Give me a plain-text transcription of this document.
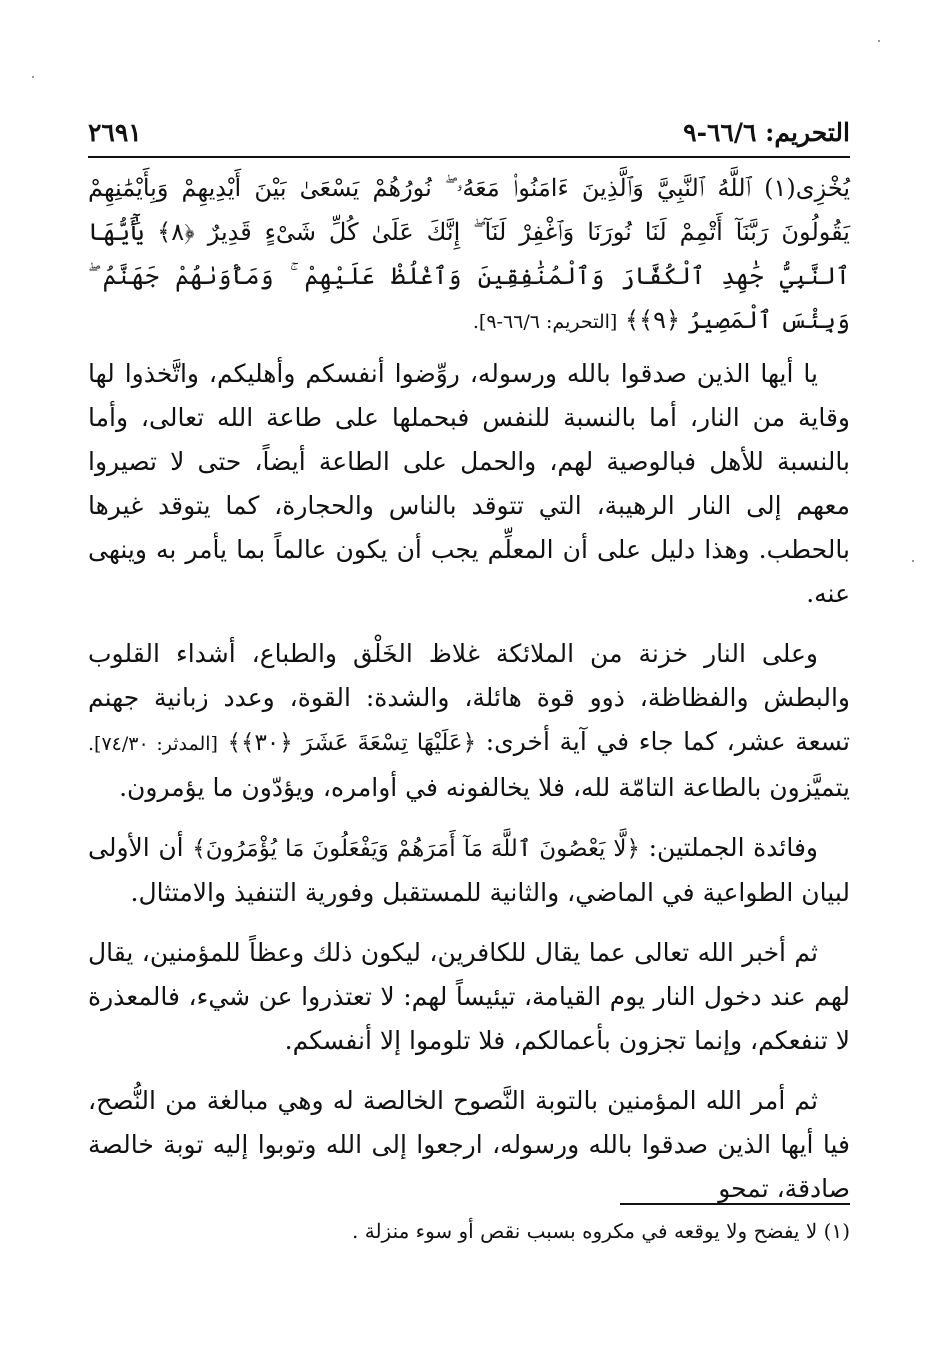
التحريم: ٦٦/٦-٩
٢٦٩١

يُخْزِى(١) ٱللَّهُ ٱلنَّبِيَّ وَٱلَّذِينَ ءَامَنُوا۟ مَعَهُۥ ۖ نُورُهُمْ يَسْعَىٰ بَيْنَ أَيْدِيهِمْ وَبِأَيْمَٰنِهِمْ يَقُولُونَ رَبَّنَآ أَتْمِمْ لَنَا نُورَنَا وَٱغْفِرْ لَنَآ ۖ إِنَّكَ عَلَىٰ كُلِّ شَىْءٍ قَدِيرٌ ﴿٨﴾ يَٰٓأَيُّهَا ٱلنَّبِيُّ جَٰهِدِ ٱلْكُفَّارَ وَٱلْمُنَٰفِقِينَ وَٱغْلُظْ عَلَيْهِمْ ۚ وَمَأْوَىٰهُمْ جَهَنَّمُ ۖ وَبِئْسَ ٱلْمَصِيرُ ﴿٩﴾﴾ [التحريم: ٦٦/٦-٩].

يا أيها الذين صدقوا بالله ورسوله، روِّضوا أنفسكم وأهليكم، واتَّخذوا لها وقاية من النار، أما بالنسبة للنفس فبحملها على طاعة الله تعالى، وأما بالنسبة للأهل فبالوصية لهم، والحمل على الطاعة أيضاً، حتى لا تصيروا معهم إلى النار الرهيبة، التي تتوقد بالناس والحجارة، كما يتوقد غيرها بالحطب. وهذا دليل على أن المعلِّم يجب أن يكون عالماً بما يأمر به وينهى عنه.

وعلى النار خزنة من الملائكة غلاظ الخَلْق والطباع، أشداء القلوب والبطش والفظاظة، ذوو قوة هائلة، والشدة: القوة، وعدد زبانية جهنم تسعة عشر، كما جاء في آية أخرى: ﴿عَلَيْهَا تِسْعَةَ عَشَرَ ﴿٣٠﴾﴾ [المدثر: ٧٤/٣٠]. يتميَّزون بالطاعة التامّة لله، فلا يخالفونه في أوامره، ويؤدّون ما يؤمرون.

وفائدة الجملتين: ﴿لَّا يَعْصُونَ ٱللَّهَ مَآ أَمَرَهُمْ وَيَفْعَلُونَ مَا يُؤْمَرُونَ﴾ أن الأولى لبيان الطواعية في الماضي، والثانية للمستقبل وفورية التنفيذ والامتثال.

ثم أخبر الله تعالى عما يقال للكافرين، ليكون ذلك وعظاً للمؤمنين، يقال لهم عند دخول النار يوم القيامة، تيئيساً لهم: لا تعتذروا عن شيء، فالمعذرة لا تنفعكم، وإنما تجزون بأعمالكم، فلا تلوموا إلا أنفسكم.

ثم أمر الله المؤمنين بالتوبة النَّصوح الخالصة له وهي مبالغة من النُّصح، فيا أيها الذين صدقوا بالله ورسوله، ارجعوا إلى الله وتوبوا إليه توبة خالصة صادقة، تمحو

(١) لا يفضح ولا يوقعه في مكروه بسبب نقص أو سوء منزلة .
